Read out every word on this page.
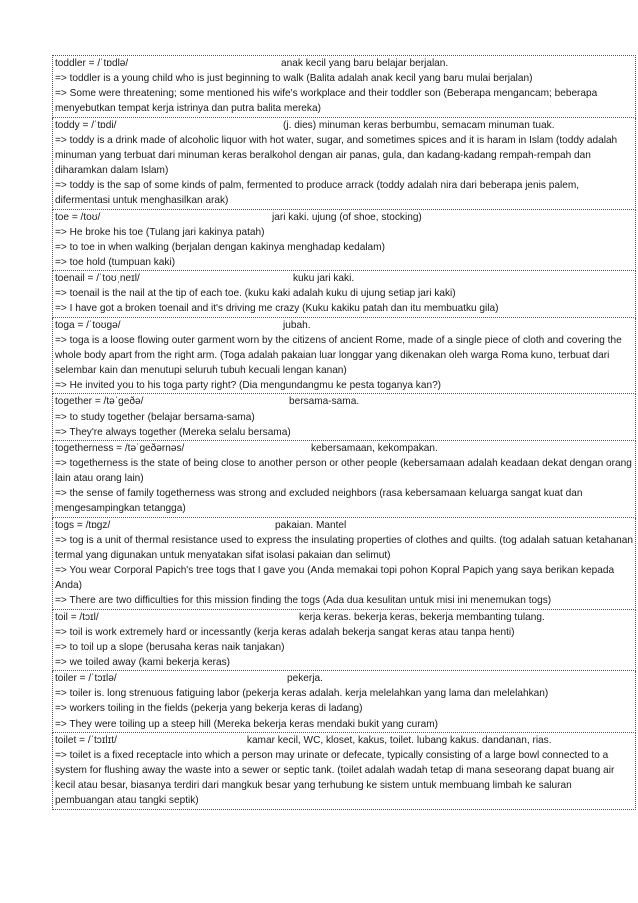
toddler = /ˈtɒdlə/	anak kecil yang baru belajar berjalan.
=> toddler is a young child who is just beginning to walk (Balita adalah anak kecil yang baru mulai berjalan)
=> Some were threatening; some mentioned his wife's workplace and their toddler son (Beberapa mengancam; beberapa menyebutkan tempat kerja istrinya dan putra balita mereka)
toddy = /ˈtɒdi/	(j. dies) minuman keras berbumbu, semacam minuman tuak.
=> toddy is a drink made of alcoholic liquor with hot water, sugar, and sometimes spices and it is haram in Islam (toddy adalah minuman yang terbuat dari minuman keras beralkohol dengan air panas, gula, dan kadang-kadang rempah-rempah dan diharamkan dalam Islam)
=> toddy is the sap of some kinds of palm, fermented to produce arrack (toddy adalah nira dari beberapa jenis palem, difermentasi untuk menghasilkan arak)
toe = /toʊ/	jari kaki. ujung (of shoe, stocking)
=> He broke his toe (Tulang jari kakinya patah)
=> to toe in when walking (berjalan dengan kakinya menghadap kedalam)
=> toe hold (tumpuan kaki)
toenail = /ˈtoʊˌneɪl/	kuku jari kaki.
=> toenail is the nail at the tip of each toe. (kuku kaki adalah kuku di ujung setiap jari kaki)
=> I have got a broken toenail and it's driving me crazy (Kuku kakiku patah dan itu membuatku gila)
toga = /ˈtoʊgə/	jubah.
=> toga is a loose flowing outer garment worn by the citizens of ancient Rome, made of a single piece of cloth and covering the whole body apart from the right arm. (Toga adalah pakaian luar longgar yang dikenakan oleh warga Roma kuno, terbuat dari selembar kain dan menutupi seluruh tubuh kecuali lengan kanan)
=> He invited you to his toga party right? (Dia mengundangmu ke pesta toganya kan?)
together = /təˈgeðə/	bersama-sama.
=> to study together (belajar bersama-sama)
=> They're always together (Mereka selalu bersama)
togetherness = /təˈgeðərnəs/	kebersamaan, kekompakan.
=> togetherness is the state of being close to another person or other people (kebersamaan adalah keadaan dekat dengan orang lain atau orang lain)
=> the sense of family togetherness was strong and excluded neighbors (rasa kebersamaan keluarga sangat kuat dan mengesampingkan tetangga)
togs = /tɒgz/	pakaian. Mantel
=> tog is a unit of thermal resistance used to express the insulating properties of clothes and quilts. (tog adalah satuan ketahanan termal yang digunakan untuk menyatakan sifat isolasi pakaian dan selimut)
=> You wear Corporal Papich's tree togs that I gave you (Anda memakai topi pohon Kopral Papich yang saya berikan kepada Anda)
=> There are two difficulties for this mission finding the togs (Ada dua kesulitan untuk misi ini menemukan togs)
toil = /tɔɪl/	kerja keras. bekerja keras, bekerja membanting tulang.
=> toil is work extremely hard or incessantly (kerja keras adalah bekerja sangat keras atau tanpa henti)
=> to toil up a slope (berusaha keras naik tanjakan)
=> we toiled away (kami bekerja keras)
toiler = /ˈtɔɪlə/	pekerja.
=> toiler is. long strenuous fatiguing labor (pekerja keras adalah. kerja melelahkan yang lama dan melelahkan)
=> workers toiling in the fields (pekerja yang bekerja keras di ladang)
=> They were toiling up a steep hill (Mereka bekerja keras mendaki bukit yang curam)
toilet = /ˈtɔɪlɪt/	kamar kecil, WC, kloset, kakus, toilet. lubang kakus. dandanan, rias.
=> toilet is a fixed receptacle into which a person may urinate or defecate, typically consisting of a large bowl connected to a system for flushing away the waste into a sewer or septic tank. (toilet adalah wadah tetap di mana seseorang dapat buang air kecil atau besar, biasanya terdiri dari mangkuk besar yang terhubung ke sistem untuk membuang limbah ke saluran pembuangan atau tangki septik)
